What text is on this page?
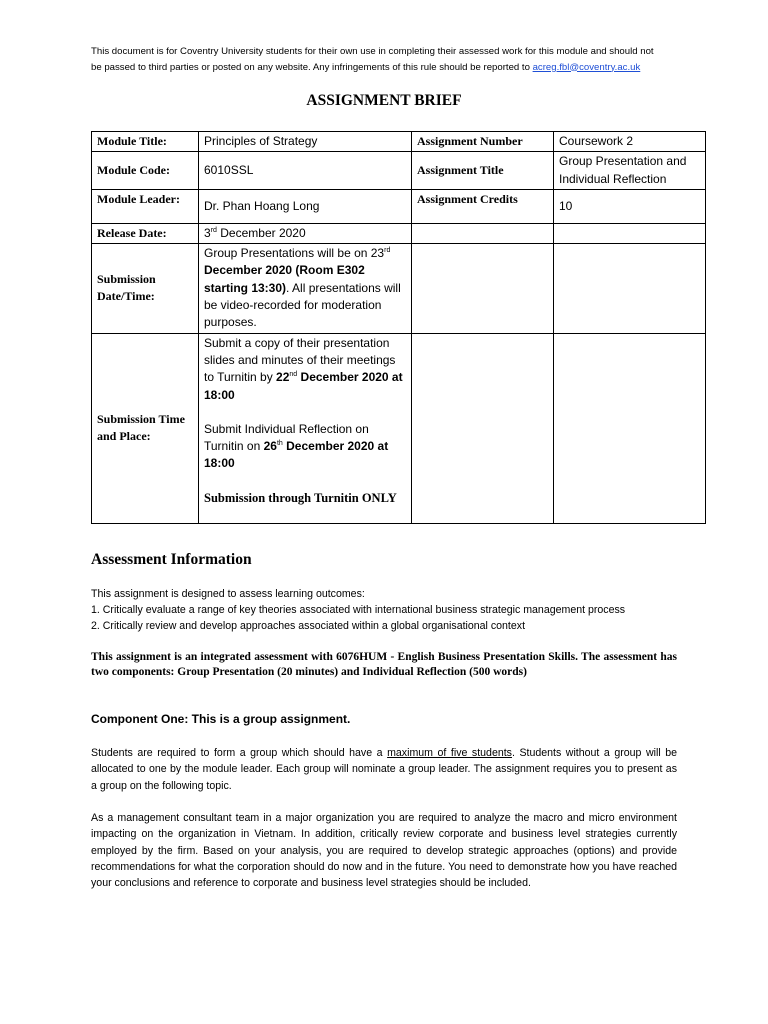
This document is for Coventry University students for their own use in completing their assessed work for this module and should not
be passed to third parties or posted on any website. Any infringements of this rule should be reported to acreg.fbl@coventry.ac.uk
ASSIGNMENT BRIEF
Module Title:	Principles of Strategy	Assignment Number	Coursework 2
Module Code:	6010SSL	Assignment Title	Group Presentation and Individual Reflection
Module Leader:	Dr. Phan Hoang Long	Assignment Credits	10
Release Date:	3rd December 2020		
Submission Date/Time:	Group Presentations will be on 23rd December 2020 (Room E302 starting 13:30). All presentations will be video-recorded for moderation purposes.		
Submission Time and Place:	Submit a copy of their presentation slides and minutes of their meetings to Turnitin by 22nd December 2020 at 18:00
Submit Individual Reflection on Turnitin on 26th December 2020 at 18:00
Submission through Turnitin ONLY		

Assessment Information
This assignment is designed to assess learning outcomes:
1. Critically evaluate a range of key theories associated with international business strategic management process
2. Critically review and develop approaches associated within a global organisational context
This assignment is an integrated assessment with 6076HUM - English Business Presentation Skills. The assessment has two components: Group Presentation (20 minutes) and Individual Reflection (500 words)
Component One: This is a group assignment.
Students are required to form a group which should have a maximum of five students. Students without a group will be allocated to one by the module leader. Each group will nominate a group leader. The assignment requires you to present as a group on the following topic.
As a management consultant team in a major organization you are required to analyze the macro and micro environment impacting on the organization in Vietnam. In addition, critically review corporate and business level strategies currently employed by the firm. Based on your analysis, you are required to develop strategic approaches (options) and provide recommendations for what the corporation should do now and in the future. You need to demonstrate how you have reached your conclusions and reference to corporate and business level strategies should be included.
